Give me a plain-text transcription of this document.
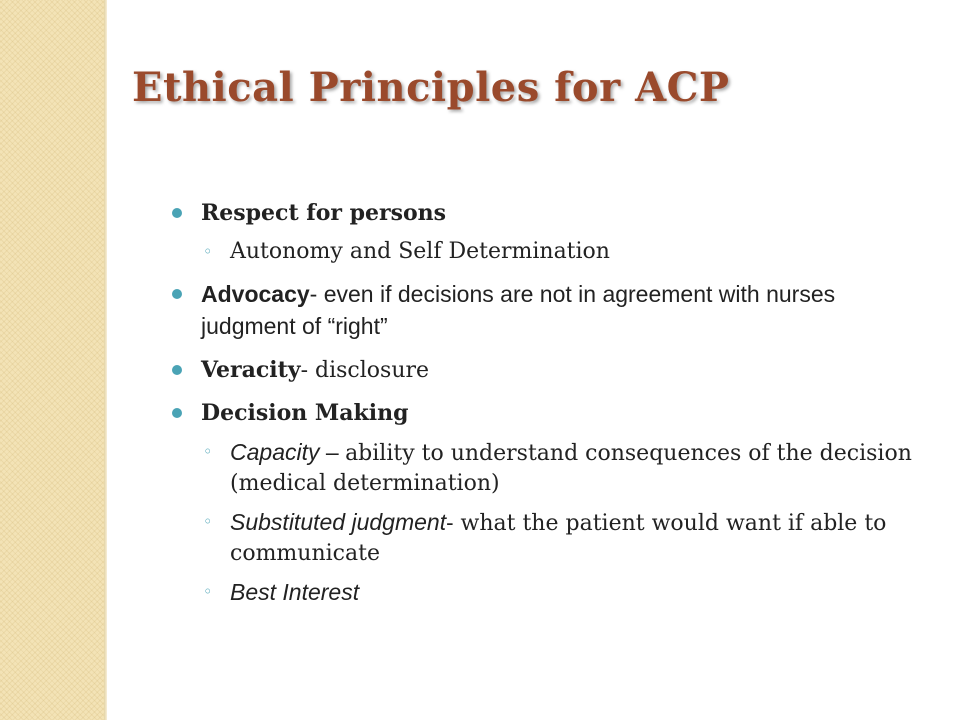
Ethical Principles for ACP
Respect for persons
◦ Autonomy and Self Determination
Advocacy- even if decisions are not in agreement with nurses judgment of “right”
Veracity- disclosure
Decision Making
◦ Capacity – ability to understand consequences of the decision (medical determination)
◦ Substituted judgment- what the patient would want if able to communicate
◦ Best Interest
